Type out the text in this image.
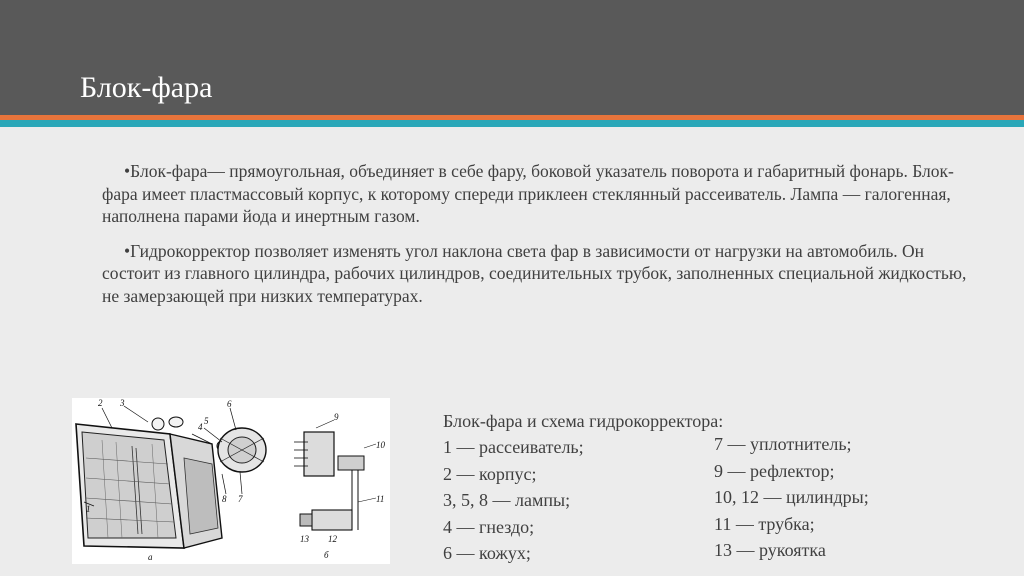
Блок-фара
•Блок-фара— прямоугольная, объединяет в себе фару, боковой указатель поворота и габаритный фонарь. Блок-фара имеет пластмассовый корпус, к которому спереди приклеен стеклянный рассеиватель. Лампа — галогенная, наполнена парами йода и инертным газом.
•Гидрокорректор позволяет изменять угол наклона света фар в зависимости от нагрузки на автомобиль. Он состоит из главного цилиндра, рабочих цилиндров, соединительных трубок, заполненных специальной жидкостью, не замерзающей при низких температурах.
2 3
4
5
6
7
8
1
а
9
10
11
12
13
б
Блок-фара и схема гидрокорректора:
1 — рассеиватель;
2 — корпус;
3, 5, 8 — лампы;
4 — гнездо;
6 — кожух;
7 — уплотнитель;
9 — рефлектор;
10, 12 — цилиндры;
11 — трубка;
13 — рукоятка
